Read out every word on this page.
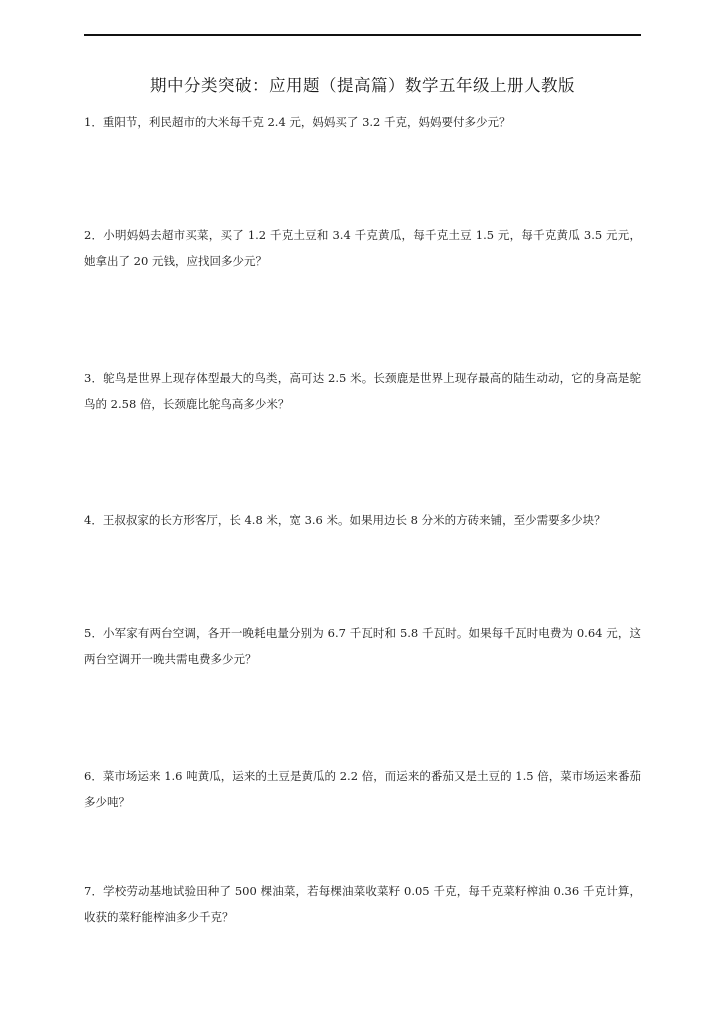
期中分类突破：应用题（提高篇）数学五年级上册人教版
1．重阳节，利民超市的大米每千克 2.4 元，妈妈买了 3.2 千克，妈妈要付多少元？
2．小明妈妈去超市买菜，买了 1.2 千克土豆和 3.4 千克黄瓜，每千克土豆 1.5 元，每千克黄瓜 3.5 元元，她拿出了 20 元钱，应找回多少元？
3．鸵鸟是世界上现存体型最大的鸟类，高可达 2.5 米。长颈鹿是世界上现存最高的陆生动动，它的身高是鸵鸟的 2.58 倍，长颈鹿比鸵鸟高多少米？
4．王叔叔家的长方形客厅，长 4.8 米，宽 3.6 米。如果用边长 8 分米的方砖来铺，至少需要多少块？
5．小军家有两台空调，各开一晚耗电量分别为 6.7 千瓦时和 5.8 千瓦时。如果每千瓦时电费为 0.64 元，这两台空调开一晚共需电费多少元？
6．菜市场运来 1.6 吨黄瓜，运来的土豆是黄瓜的 2.2 倍，而运来的番茄又是土豆的 1.5 倍，菜市场运来番茄多少吨？
7．学校劳动基地试验田种了 500 棵油菜，若每棵油菜收菜籽 0.05 千克，每千克菜籽榨油 0.36 千克计算，收获的菜籽能榨油多少千克？
